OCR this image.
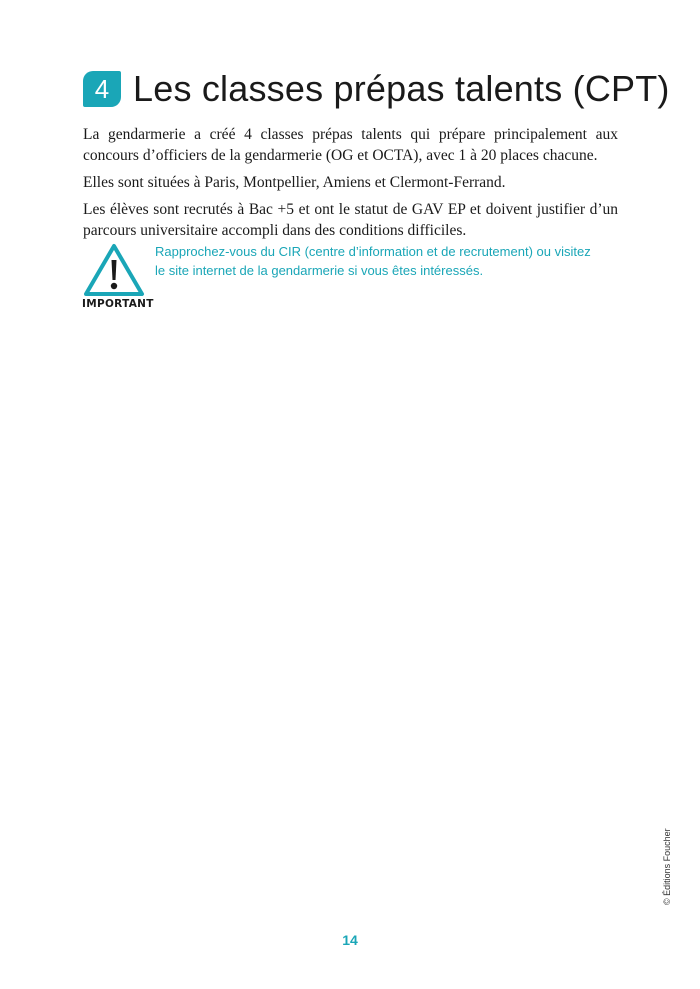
4 Les classes prépas talents (CPT)

La gendarmerie a créé 4 classes prépas talents qui prépare principalement aux concours d’officiers de la gendarmerie (OG et OCTA), avec 1 à 20 places chacune.

Elles sont situées à Paris, Montpellier, Amiens et Clermont-Ferrand.

Les élèves sont recrutés à Bac +5 et ont le statut de GAV EP et doivent justifier d’un parcours universitaire accompli dans des conditions difficiles.

IMPORTANT

Rapprochez-vous du CIR (centre d’information et de recrutement) ou visitez le site internet de la gendarmerie si vous êtes intéressés.

© Éditions Foucher
14
